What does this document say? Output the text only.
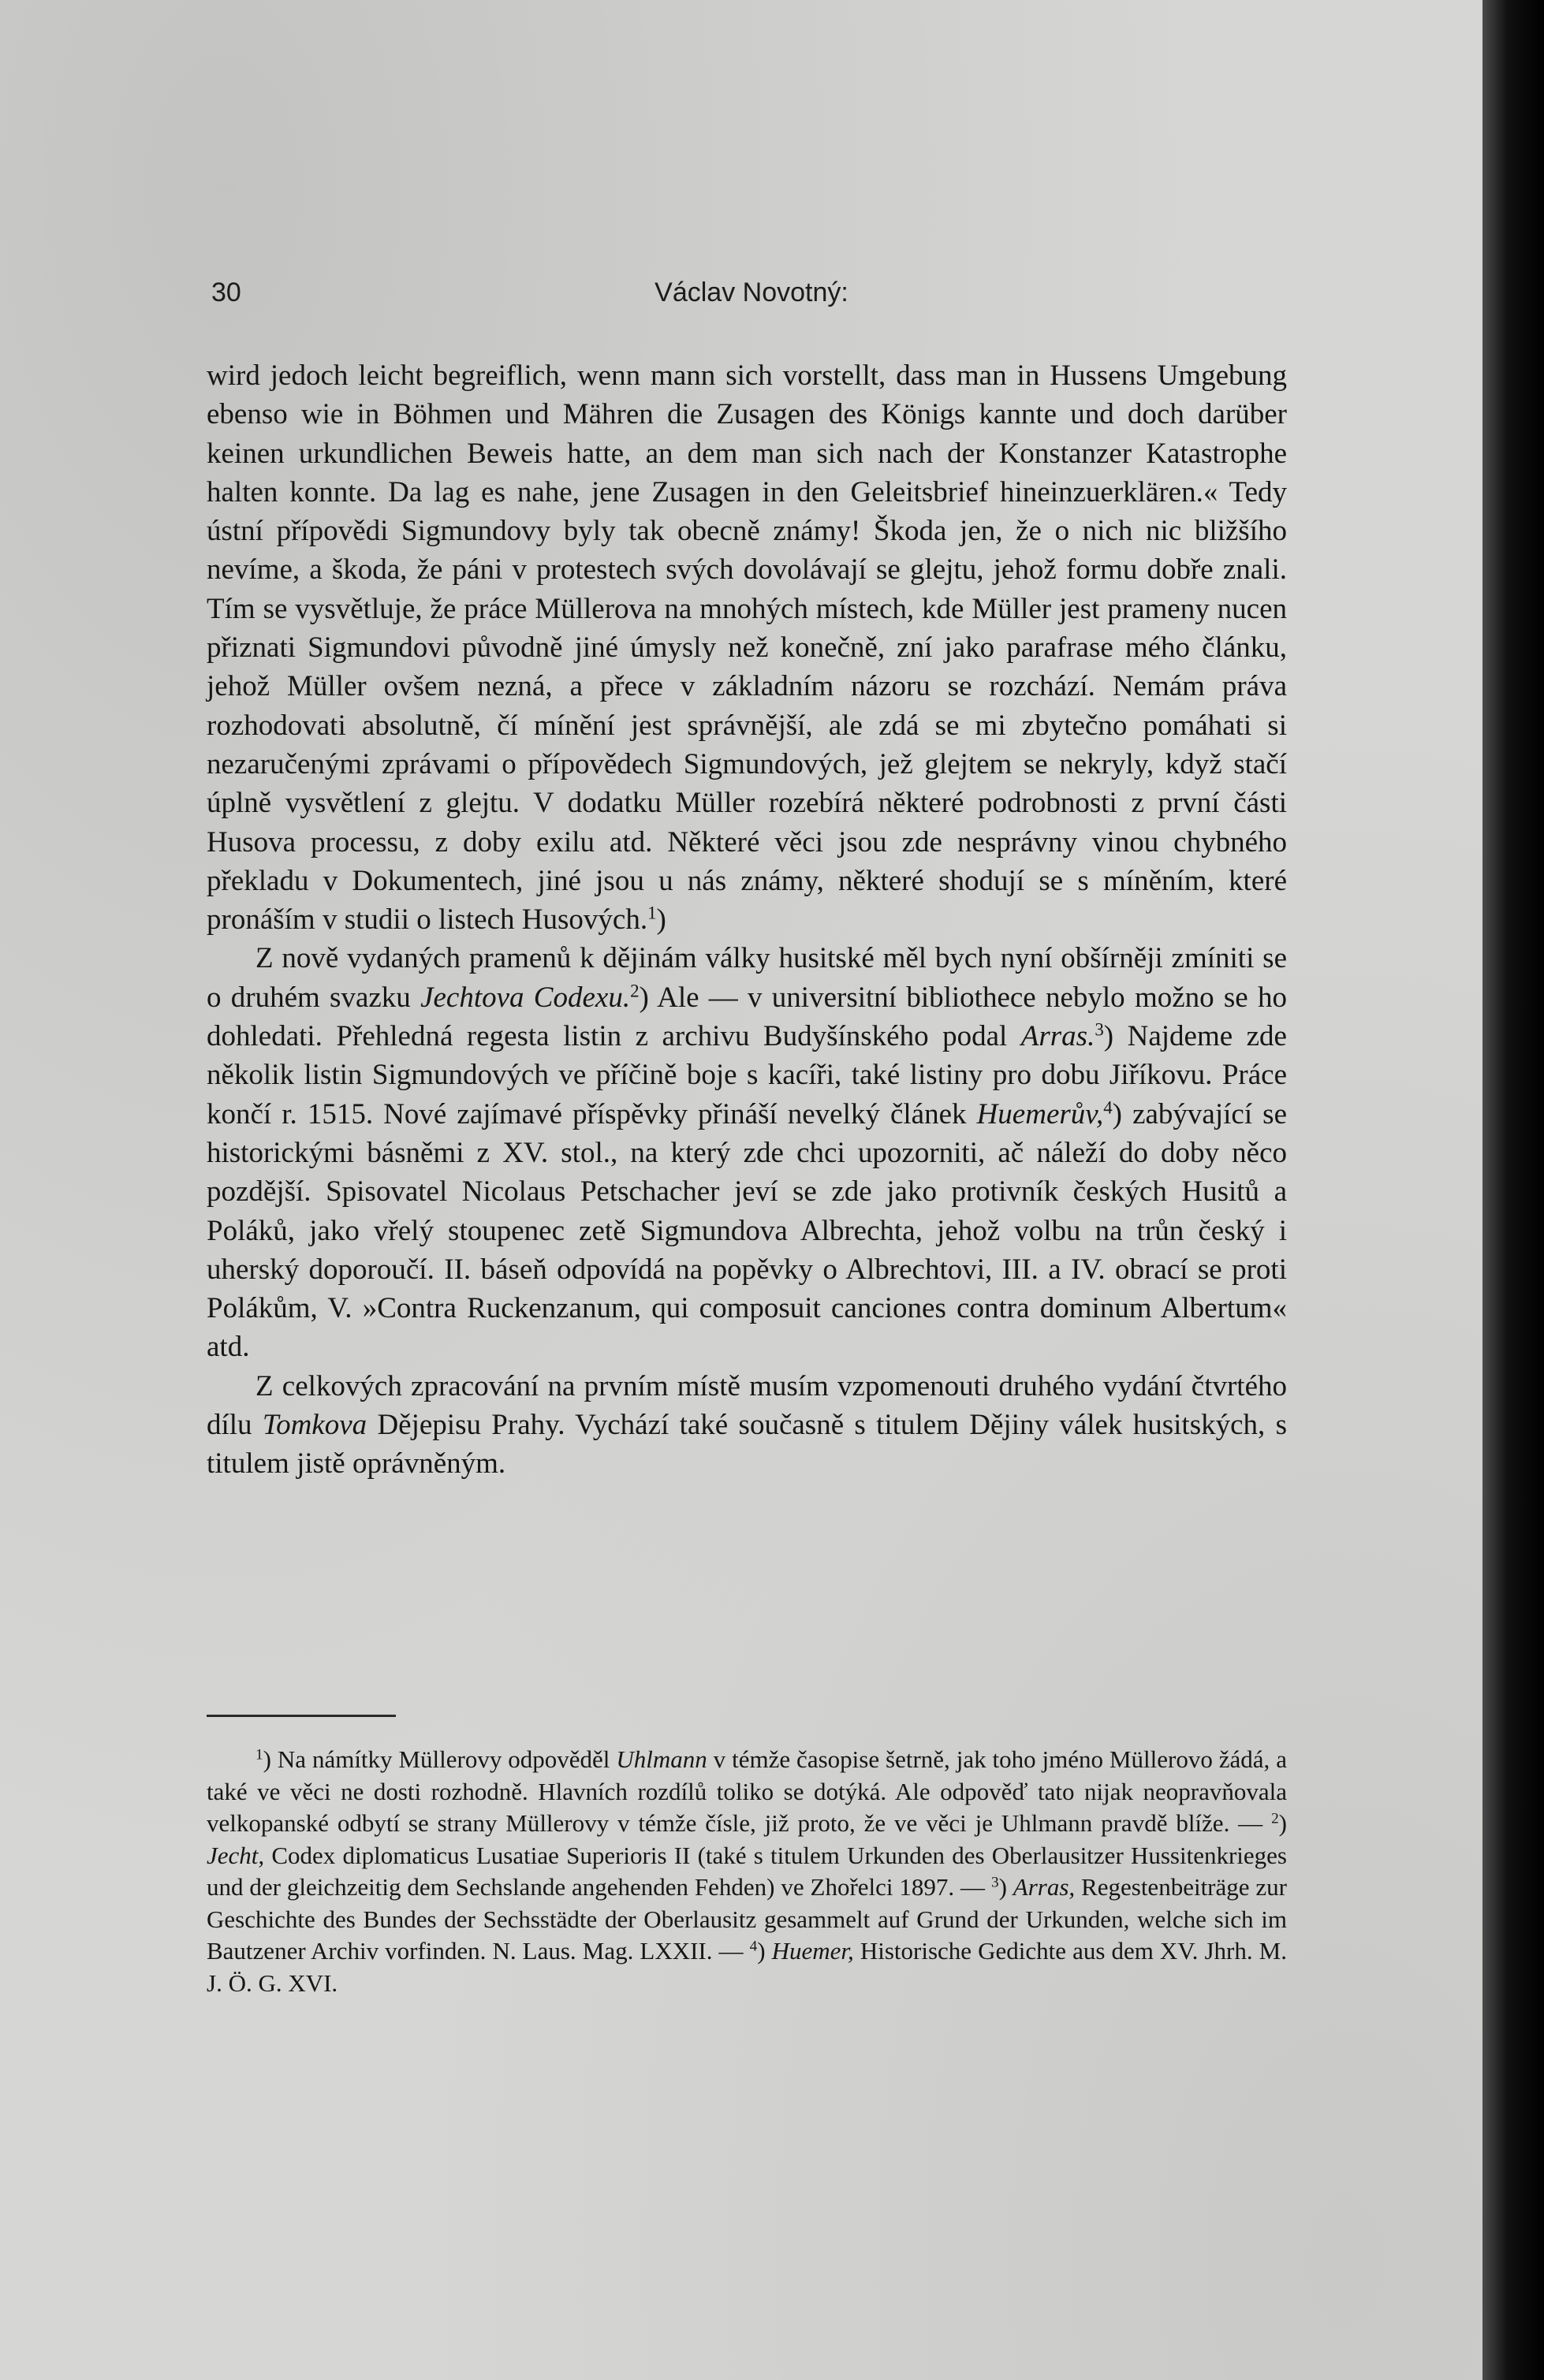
30	Václav Novotný:

wird jedoch leicht begreiflich, wenn mann sich vorstellt, dass man in Hussens Umgebung ebenso wie in Böhmen und Mähren die Zusagen des Königs kannte und doch darüber keinen urkundlichen Beweis hatte, an dem man sich nach der Konstanzer Katastrophe halten konnte. Da lag es nahe, jene Zusagen in den Geleitsbrief hineinzuerklären.« Tedy ústní přípovědi Sigmundovy byly tak obecně známy! Škoda jen, že o nich nic bližšího nevíme, a škoda, že páni v protestech svých dovolávají se glejtu, jehož formu dobře znali. Tím se vysvětluje, že práce Müllerova na mnohých místech, kde Müller jest prameny nucen přiznati Sigmundovi původně jiné úmysly než konečně, zní jako parafrase mého článku, jehož Müller ovšem nezná, a přece v základním názoru se rozchází. Nemám práva rozhodovati absolutně, čí mínění jest správnější, ale zdá se mi zbytečno pomáhati si nezaručenými zprávami o přípovědech Sigmundových, jež glejtem se nekryly, když stačí úplně vysvětlení z glejtu. V dodatku Müller rozebírá některé podrobnosti z první části Husova processu, z doby exilu atd. Některé věci jsou zde nesprávny vinou chybného překladu v Dokumentech, jiné jsou u nás známy, některé shodují se s míněním, které pronáším v studii o listech Husových.$^1$)

Z nově vydaných pramenů k dějinám války husitské měl bych nyní obšírněji zmíniti se o druhém svazku Jechtova Codexu.$^2$) Ale — v universitní bibliothece nebylo možno se ho dohledati. Přehledná regesta listin z archivu Budyšínského podal Arras.$^3$) Najdeme zde několik listin Sigmundových ve příčině boje s kacíři, také listiny pro dobu Jiříkovu. Práce končí r. 1515. Nové zajímavé příspěvky přináší nevelký článek Huemerův,$^4$) zabývající se historickými básněmi z XV. stol., na který zde chci upozorniti, ač náleží do doby něco pozdější. Spisovatel Nicolaus Petschacher jeví se zde jako protivník českých Husitů a Poláků, jako vřelý stoupenec zetě Sigmundova Albrechta, jehož volbu na trůn český i uherský doporoučí. II. báseň odpovídá na popěvky o Albrechtovi, III. a IV. obrací se proti Polákům, V. »Contra Ruckenzanum, qui composuit canciones contra dominum Albertum« atd.

Z celkových zpracování na prvním místě musím vzpomenouti druhého vydání čtvrtého dílu Tomkova Dějepisu Prahy. Vychází také současně s titulem Dějiny válek husitských, s titulem jistě oprávněným.

$^1$) Na námítky Müllerovy odpověděl Uhlmann v témže časopise šetrně, jak toho jméno Müllerovo žádá, a také ve věci ne dosti rozhodně. Hlavních rozdílů toliko se dotýká. Ale odpověď tato nijak neopravňovala velkopanské odbytí se strany Müllerovy v témže čísle, již proto, že ve věci je Uhlmann pravdě blíže. — $^2$) Jecht, Codex diplomaticus Lusatiae Superioris II (také s titulem Urkunden des Oberlausitzer Hussitenkrieges und der gleichzeitig dem Sechslande angehenden Fehden) ve Zhořelci 1897. — $^3$) Arras, Regestenbeiträge zur Geschichte des Bundes der Sechsstädte der Oberlausitz gesammelt auf Grund der Urkunden, welche sich im Bautzener Archiv vorfinden. N. Laus. Mag. LXXII. — $^4$) Huemer, Historische Gedichte aus dem XV. Jhrh. M. J. Ö. G. XVI.
